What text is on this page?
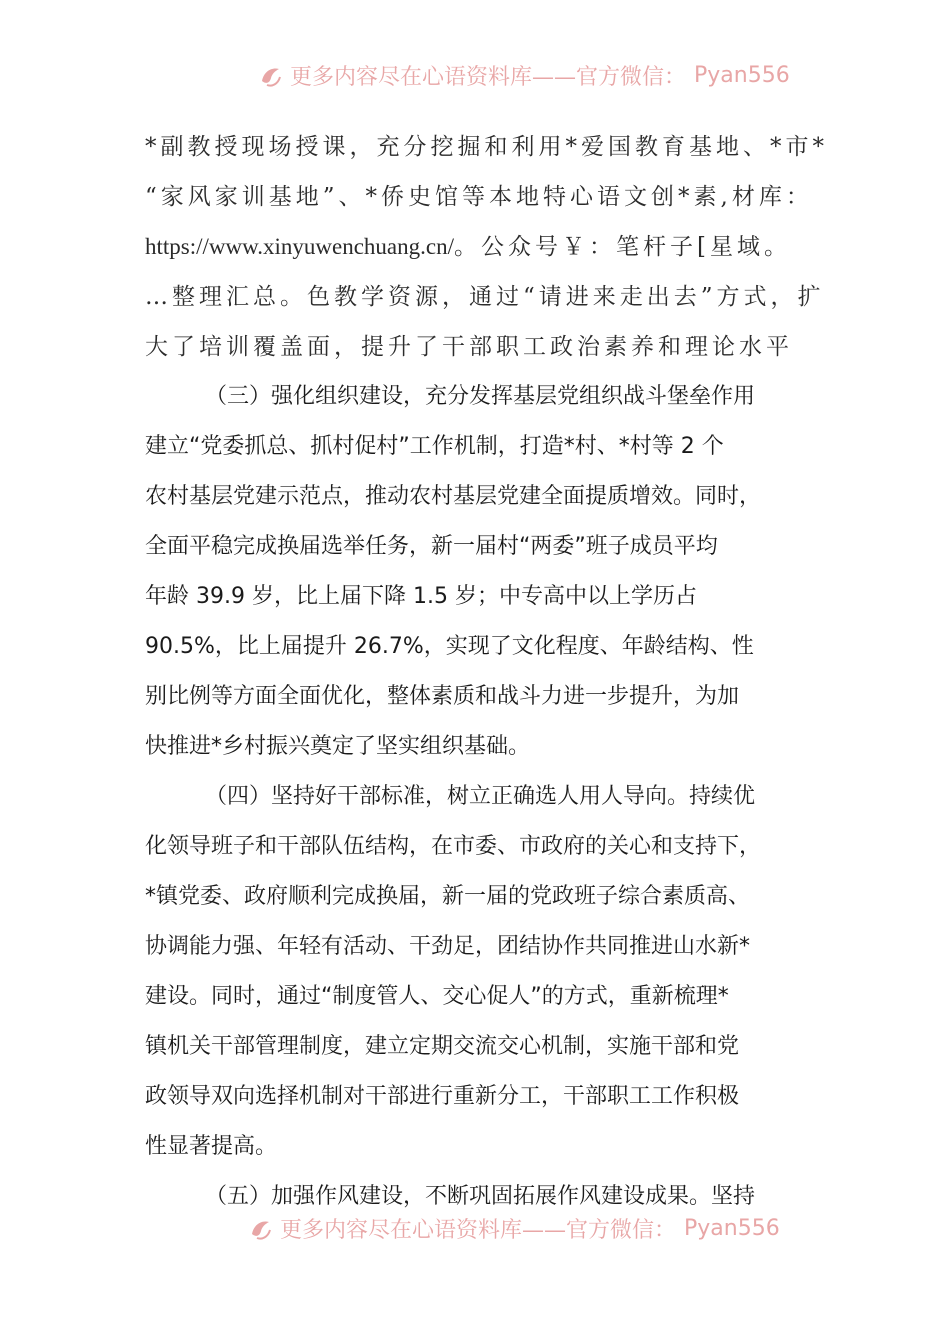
更多内容尽在心语资料库——官方微信： Pyan556
*副教授现场授课，充分挖掘和利用*爱国教育基地、*市*
“家风家训基地”、*侨史馆等本地特心语文创*素,材库：
https://www.xinyuwenchuang.cn/。公众号￥：笔杆子[星域。
…整理汇总。色教学资源，通过“请进来走出去”方式，扩
大了培训覆盖面，提升了干部职工政治素养和理论水平
（三）强化组织建设，充分发挥基层党组织战斗堡垒作用
建立“党委抓总、抓村促村”工作机制，打造*村、*村等 2 个
农村基层党建示范点，推动农村基层党建全面提质增效。同时，
全面平稳完成换届选举任务，新一届村“两委”班子成员平均
年龄 39.9 岁，比上届下降 1.5 岁；中专高中以上学历占
90.5%，比上届提升 26.7%，实现了文化程度、年龄结构、性
别比例等方面全面优化，整体素质和战斗力进一步提升，为加
快推进*乡村振兴奠定了坚实组织基础。
（四）坚持好干部标准，树立正确选人用人导向。持续优
化领导班子和干部队伍结构，在市委、市政府的关心和支持下，
*镇党委、政府顺利完成换届，新一届的党政班子综合素质高、
协调能力强、年轻有活动、干劲足，团结协作共同推进山水新*
建设。同时，通过“制度管人、交心促人”的方式，重新梳理*
镇机关干部管理制度，建立定期交流交心机制，实施干部和党
政领导双向选择机制对干部进行重新分工，干部职工工作积极
性显著提高。
（五）加强作风建设，不断巩固拓展作风建设成果。坚持
更多内容尽在心语资料库——官方微信： Pyan556
